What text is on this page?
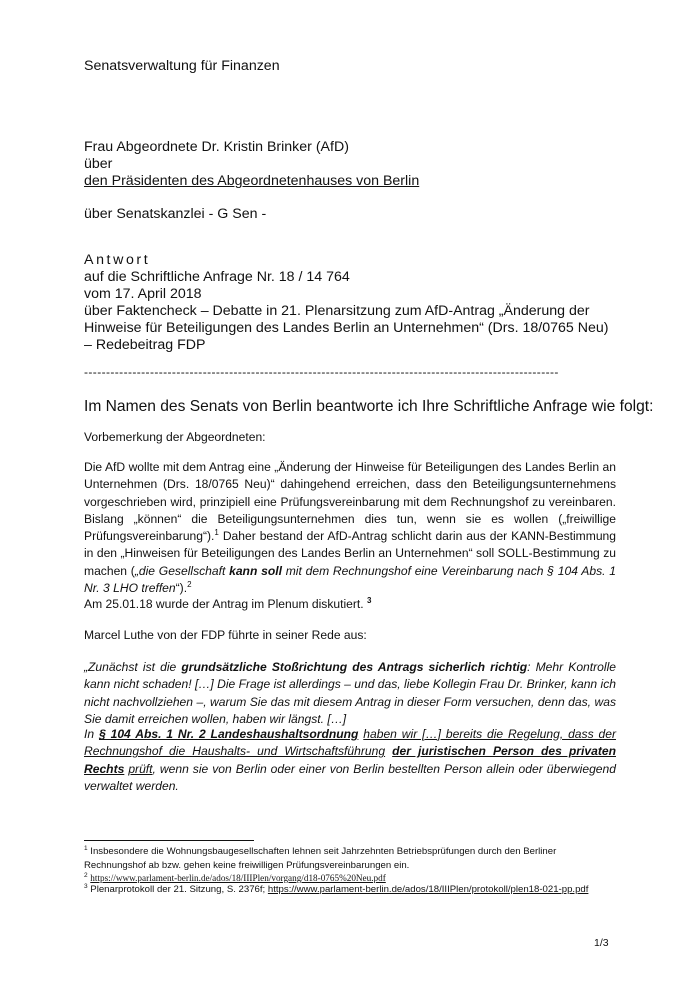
Senatsverwaltung für Finanzen
Frau Abgeordnete Dr. Kristin Brinker (AfD)
über
den Präsidenten des Abgeordnetenhauses von Berlin
über Senatskanzlei - G Sen -
Antwort
auf die Schriftliche Anfrage Nr. 18 / 14 764
vom 17. April 2018
über Faktencheck – Debatte in 21. Plenarsitzung zum AfD-Antrag „Änderung der
Hinweise für Beteiligungen des Landes Berlin an Unternehmen“ (Drs. 18/0765 Neu)
– Redebeitrag FDP
------------------------------------------------------------------------------------------------------------
Im Namen des Senats von Berlin beantworte ich Ihre Schriftliche Anfrage wie folgt:
Vorbemerkung der Abgeordneten:
Die AfD wollte mit dem Antrag eine „Änderung der Hinweise für Beteiligungen des Landes Berlin an Unternehmen (Drs. 18/0765 Neu)“ dahingehend erreichen, dass den Beteiligungsunternehmens vorgeschrieben wird, prinzipiell eine Prüfungsvereinbarung mit dem Rechnungshof zu vereinbaren. Bislang „können“ die Beteiligungsunternehmen dies tun, wenn sie es wollen („freiwillige Prüfungsvereinbarung“).$^1$ Daher bestand der AfD-Antrag schlicht darin aus der KANN-Bestimmung in den „Hinweisen für Beteiligungen des Landes Berlin an Unternehmen“ soll SOLL-Bestimmung zu machen („die Gesellschaft kann soll mit dem Rechnungshof eine Vereinbarung nach § 104 Abs. 1 Nr. 3 LHO treffen“).$^2$
Am 25.01.18 wurde der Antrag im Plenum diskutiert. $^3$
Marcel Luthe von der FDP führte in seiner Rede aus:
„Zunächst ist die grundsätzliche Stoßrichtung des Antrags sicherlich richtig: Mehr Kontrolle kann nicht schaden! […] Die Frage ist allerdings – und das, liebe Kollegin Frau Dr. Brinker, kann ich nicht nachvollziehen –, warum Sie das mit diesem Antrag in dieser Form versuchen, denn das, was Sie damit erreichen wollen, haben wir längst. […]
In § 104 Abs. 1 Nr. 2 Landeshaushaltsordnung haben wir […] bereits die Regelung, dass der Rechnungshof die Haushalts- und Wirtschaftsführung der juristischen Person des privaten Rechts prüft, wenn sie von Berlin oder einer von Berlin bestellten Person allein oder überwiegend verwaltet werden.
$^1$ Insbesondere die Wohnungsbaugesellschaften lehnen seit Jahrzehnten Betriebsprüfungen durch den Berliner Rechnungshof ab bzw. gehen keine freiwilligen Prüfungsvereinbarungen ein.
$^2$ https://www.parlament-berlin.de/ados/18/IIIPlen/vorgang/d18-0765%20Neu.pdf
$^3$ Plenarprotokoll der 21. Sitzung, S. 2376f; https://www.parlament-berlin.de/ados/18/IIIPlen/protokoll/plen18-021-pp.pdf
1/3
